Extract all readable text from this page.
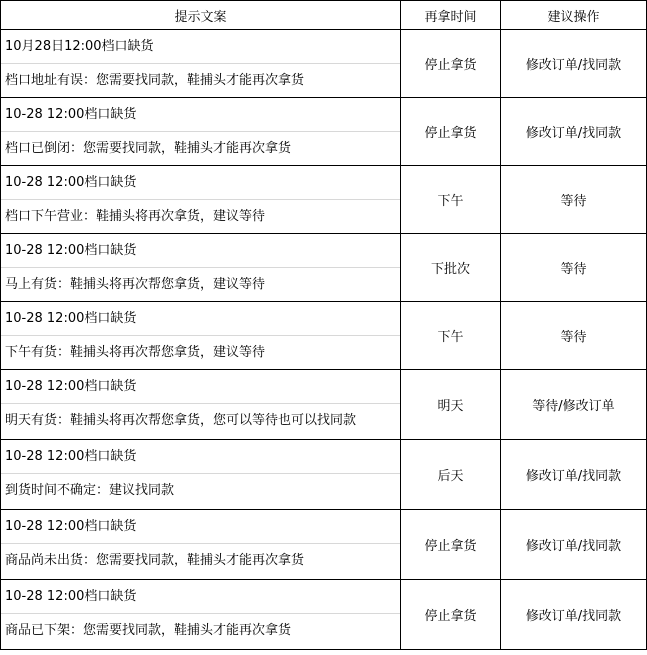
提示文案	再拿时间	建议操作

10月28日12:00档口缺货
档口地址有误：您需要找同款，鞋捕头才能再次拿货	停止拿货	修改订单/找同款

10-28 12:00档口缺货
档口已倒闭：您需要找同款，鞋捕头才能再次拿货	停止拿货	修改订单/找同款

10-28 12:00档口缺货
档口下午营业：鞋捕头将再次拿货，建议等待	下午	等待

10-28 12:00档口缺货
马上有货：鞋捕头将再次帮您拿货，建议等待	下批次	等待

10-28 12:00档口缺货
下午有货：鞋捕头将再次帮您拿货，建议等待	下午	等待

10-28 12:00档口缺货
明天有货：鞋捕头将再次帮您拿货，您可以等待也可以找同款	明天	等待/修改订单

10-28 12:00档口缺货
到货时间不确定：建议找同款	后天	修改订单/找同款

10-28 12:00档口缺货
商品尚未出货：您需要找同款，鞋捕头才能再次拿货	停止拿货	修改订单/找同款

10-28 12:00档口缺货
商品已下架：您需要找同款，鞋捕头才能再次拿货	停止拿货	修改订单/找同款
